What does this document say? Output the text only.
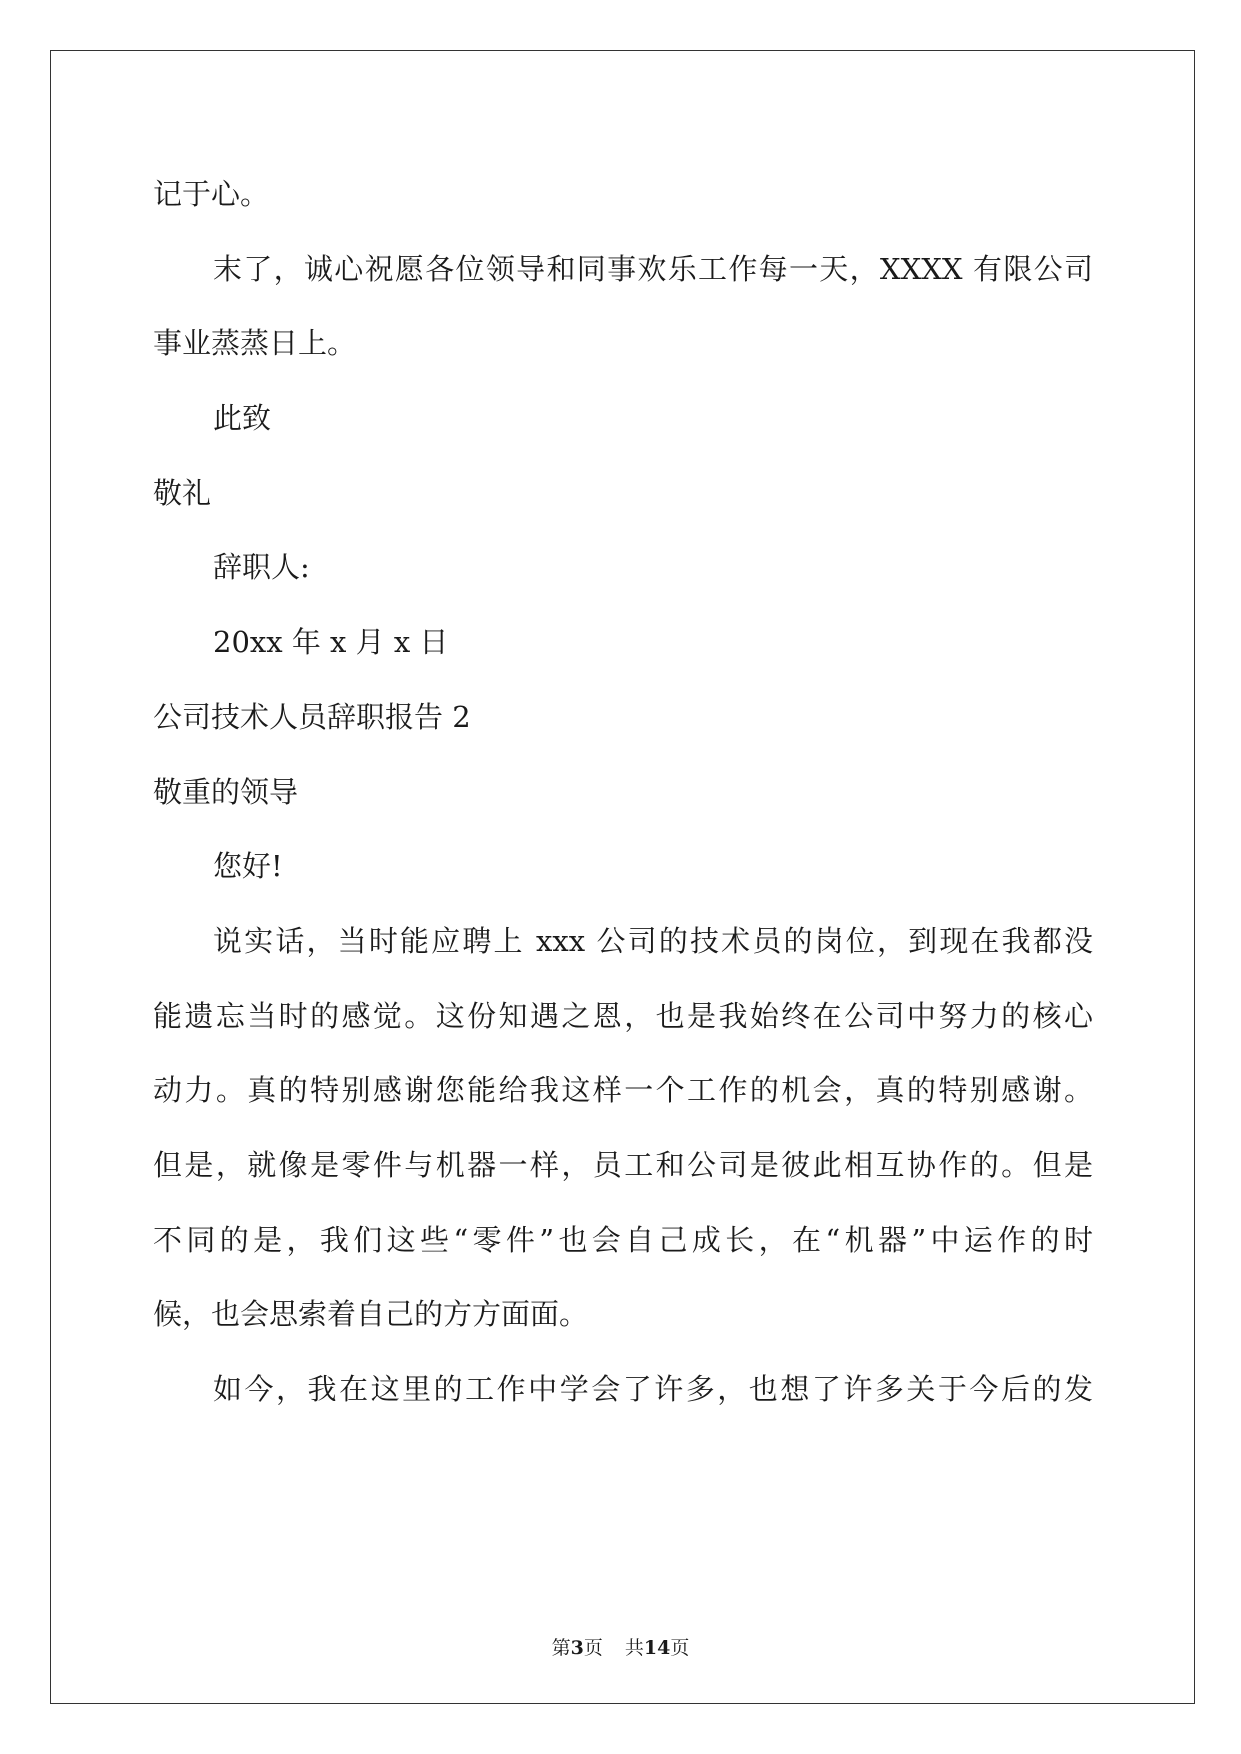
记于心。
末了，诚心祝愿各位领导和同事欢乐工作每一天，XXXX 有限公司
事业蒸蒸日上。
此致
敬礼
辞职人:
20xx 年 x 月 x 日
公司技术人员辞职报告 2
敬重的领导
您好!
说实话，当时能应聘上 xxx 公司的技术员的岗位，到现在我都没
能遗忘当时的感觉。这份知遇之恩，也是我始终在公司中努力的核心
动力。真的特别感谢您能给我这样一个工作的机会，真的特别感谢。
但是，就像是零件与机器一样，员工和公司是彼此相互协作的。但是
不同的是，我们这些“零件”也会自己成长，在“机器”中运作的时
候，也会思索着自己的方方面面。
如今，我在这里的工作中学会了许多，也想了许多关于今后的发
第3页 共14页
